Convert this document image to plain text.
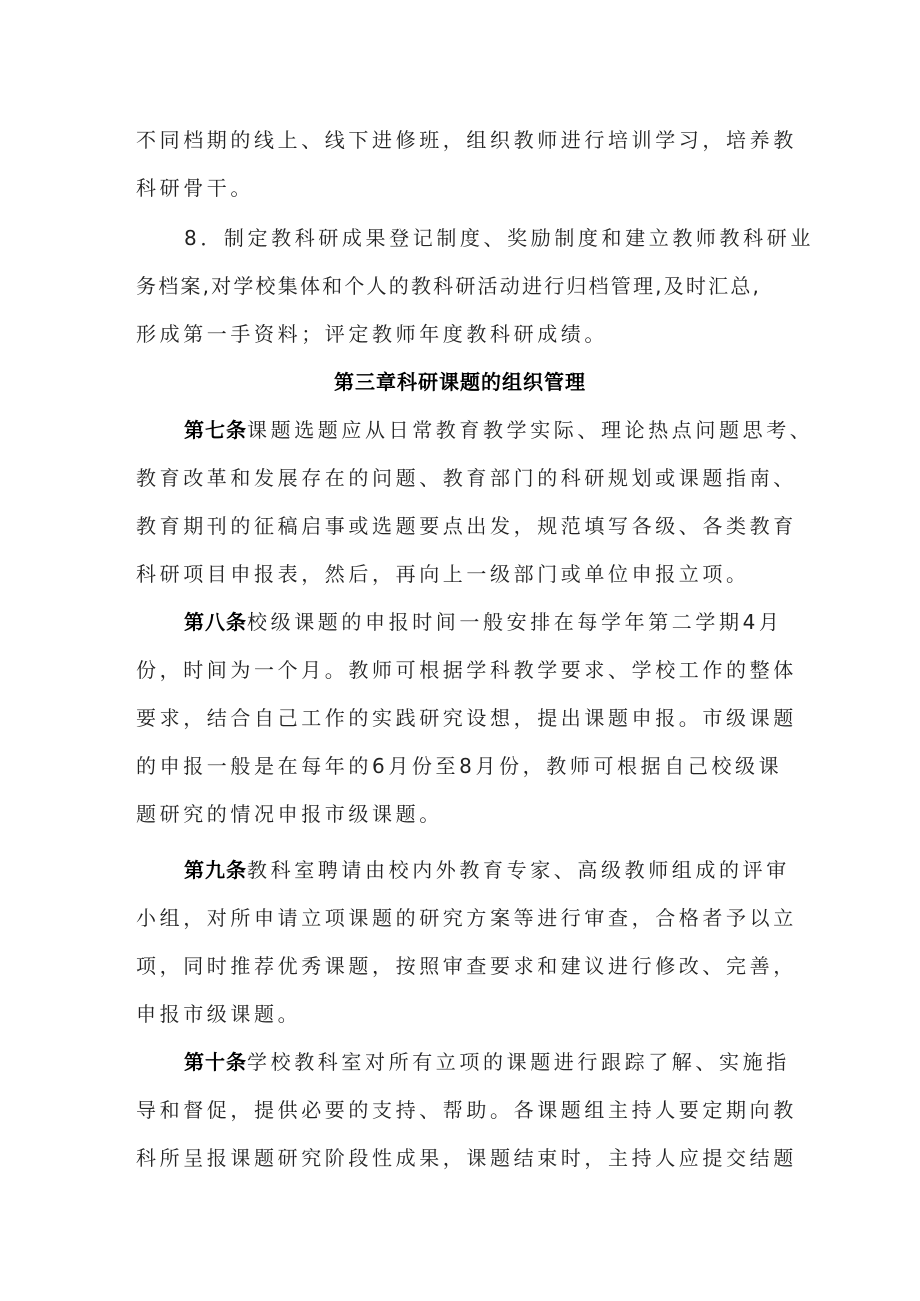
不同档期的线上、线下进修班，组织教师进行培训学习，培养教
科研骨干。
8．制定教科研成果登记制度、奖励制度和建立教师教科研业
务档案,对学校集体和个人的教科研活动进行归档管理,及时汇总,
形成第一手资料；评定教师年度教科研成绩。
第三章科研课题的组织管理
第七条课题选题应从日常教育教学实际、理论热点问题思考、
教育改革和发展存在的问题、教育部门的科研规划或课题指南、
教育期刊的征稿启事或选题要点出发，规范填写各级、各类教育
科研项目申报表，然后，再向上一级部门或单位申报立项。
第八条校级课题的申报时间一般安排在每学年第二学期4月
份，时间为一个月。教师可根据学科教学要求、学校工作的整体
要求，结合自己工作的实践研究设想，提出课题申报。市级课题
的申报一般是在每年的6月份至8月份，教师可根据自己校级课
题研究的情况申报市级课题。
第九条教科室聘请由校内外教育专家、高级教师组成的评审
小组，对所申请立项课题的研究方案等进行审查，合格者予以立
项，同时推荐优秀课题，按照审查要求和建议进行修改、完善，
申报市级课题。
第十条学校教科室对所有立项的课题进行跟踪了解、实施指
导和督促，提供必要的支持、帮助。各课题组主持人要定期向教
科所呈报课题研究阶段性成果，课题结束时，主持人应提交结题
